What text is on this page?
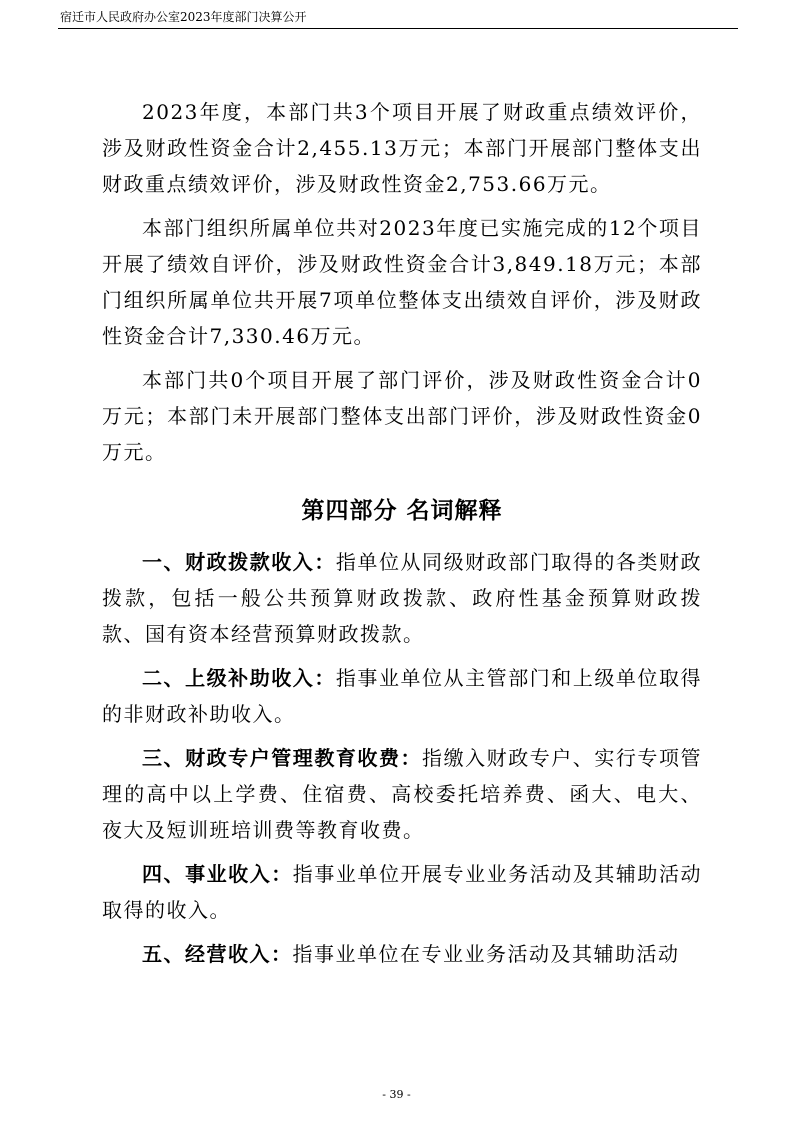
宿迁市人民政府办公室2023年度部门决算公开

2023年度，本部门共3个项目开展了财政重点绩效评价，涉及财政性资金合计2,455.13万元；本部门开展部门整体支出财政重点绩效评价，涉及财政性资金2,753.66万元。

本部门组织所属单位共对2023年度已实施完成的12个项目开展了绩效自评价，涉及财政性资金合计3,849.18万元；本部门组织所属单位共开展7项单位整体支出绩效自评价，涉及财政性资金合计7,330.46万元。

本部门共0个项目开展了部门评价，涉及财政性资金合计0万元；本部门未开展部门整体支出部门评价，涉及财政性资金0万元。

第四部分 名词解释

一、财政拨款收入：指单位从同级财政部门取得的各类财政拨款，包括一般公共预算财政拨款、政府性基金预算财政拨款、国有资本经营预算财政拨款。

二、上级补助收入：指事业单位从主管部门和上级单位取得的非财政补助收入。

三、财政专户管理教育收费：指缴入财政专户、实行专项管理的高中以上学费、住宿费、高校委托培养费、函大、电大、夜大及短训班培训费等教育收费。

四、事业收入：指事业单位开展专业业务活动及其辅助活动取得的收入。

五、经营收入：指事业单位在专业业务活动及其辅助活动

- 39 -
